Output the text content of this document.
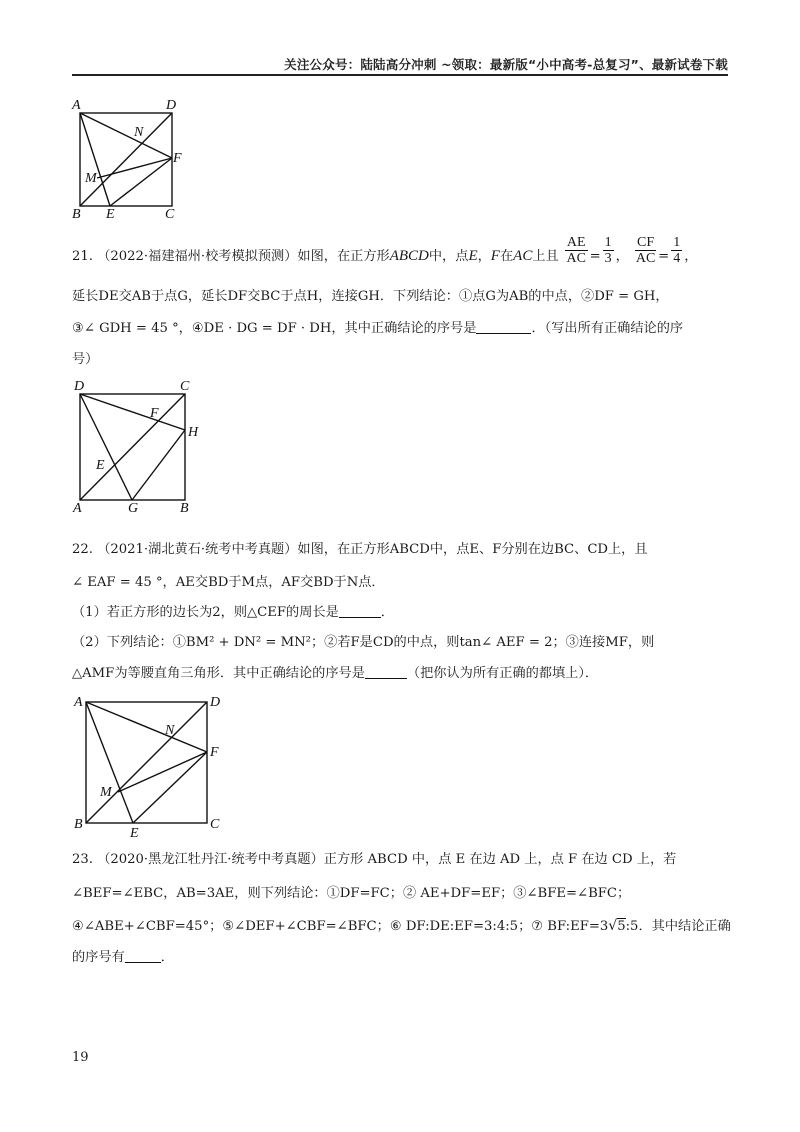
关注公众号：陆陆高分冲刺 ~领取：最新版“小中高考-总复习”、最新试卷下载
A	D
B E	C
F
M
N
21. （2022·福建福州·校考模拟预测）如图，在正方形ABCD中，点E，F在AC上且 $\frac{AE}{AC} = \frac{1}{3}$ ， $\frac{CF}{AC} = \frac{1}{4}$ ，
延长DE交AB于点G，延长DF交BC于点H，连接GH．下列结论：①点G为AB的中点，②DF = GH，
③∠ GDH = 45 °，④DE · DG = DF · DH，其中正确结论的序号是	．（写出所有正确结论的序
号）
D	C
A	G	B
H
F
E
22. （2021·湖北黄石·统考中考真题）如图，在正方形ABCD中，点E、F分别在边BC、CD上，且
∠ EAF = 45 °，AE交BD于M点，AF交BD于N点．
（1）若正方形的边长为2，则△CEF的周长是	．
（2）下列结论：①BM² + DN² = MN²；②若F是CD的中点，则tan∠ AEF = 2；③连接MF，则
△AMF为等腰直角三角形．其中正确结论的序号是	（把你认为所有正确的都填上）．
A	D
B
E
C
F
M
N
23. （2020·黑龙江牡丹江·统考中考真题）正方形 ABCD 中，点 E 在边 AD 上，点 F 在边 CD 上，若
∠BEF=∠EBC，AB=3AE，则下列结论：①DF=FC；② AE+DF=EF；③∠BFE=∠BFC；
④∠ABE+∠CBF=45°；⑤∠DEF+∠CBF=∠BFC；⑥ DF:DE:EF=3:4:5；⑦ BF:EF=3√5:5．其中结论正确
的序号有	．
19
